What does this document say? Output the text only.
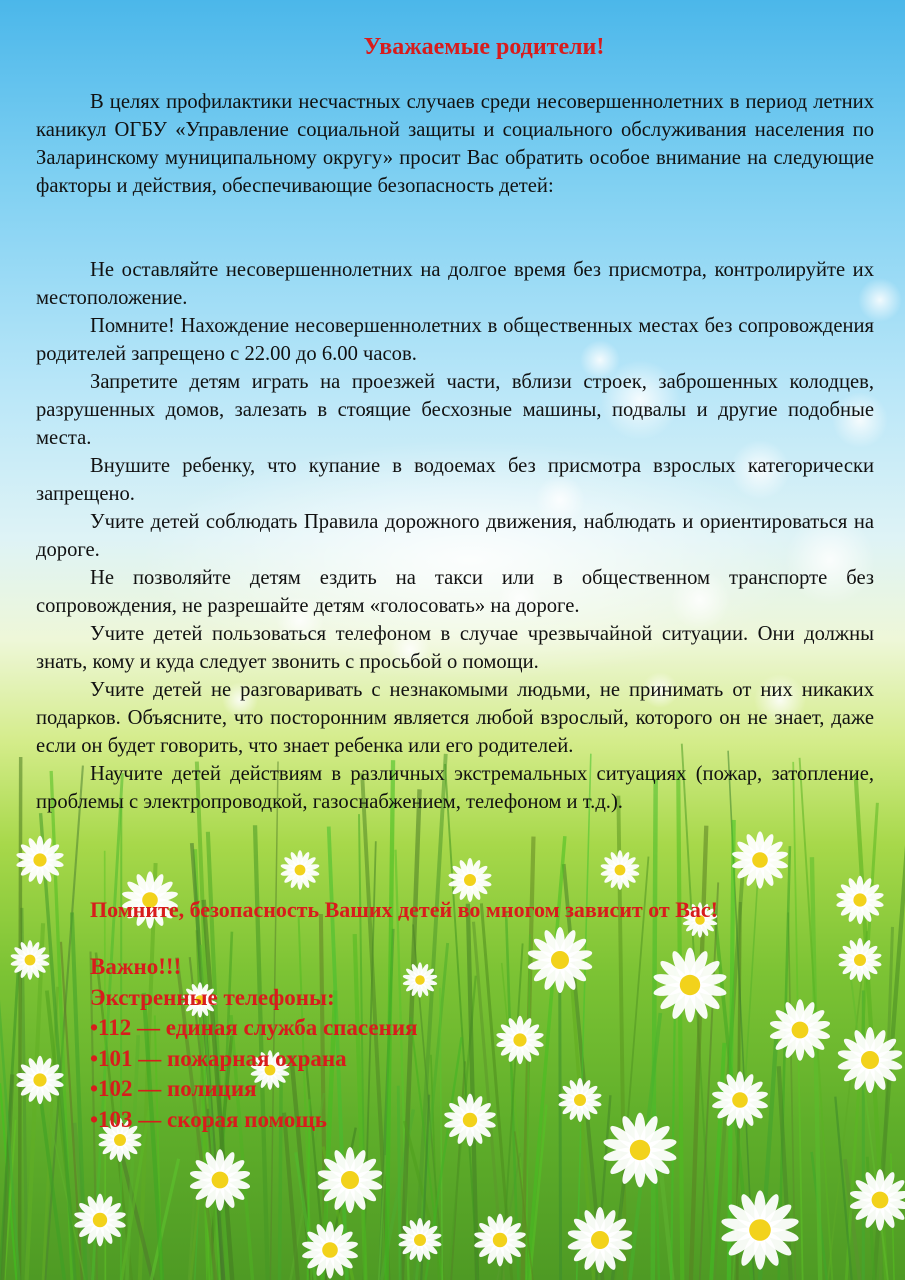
Уважаемые родители!

В целях профилактики несчастных случаев среди несовершеннолетних в период летних каникул ОГБУ «Управление социальной защиты и социального обслуживания населения по Заларинскому муниципальному округу» просит Вас обратить особое внимание на следующие факторы и действия, обеспечивающие безопасность детей:

Не оставляйте несовершеннолетних на долгое время без присмотра, контролируйте их местоположение.

Помните! Нахождение несовершеннолетних в общественных местах без сопровождения родителей запрещено с 22.00 до 6.00 часов.

Запретите детям играть на проезжей части, вблизи строек, заброшенных колодцев, разрушенных домов, залезать в стоящие бесхозные машины, подвалы и другие подобные места.

Внушите ребенку, что купание в водоемах без присмотра взрослых категорически запрещено.

Учите детей соблюдать Правила дорожного движения, наблюдать и ориентироваться на дороге.

Не позволяйте детям ездить на такси или в общественном транспорте без сопровождения, не разрешайте детям «голосовать» на дороге.

Учите детей пользоваться телефоном в случае чрезвычайной ситуации. Они должны знать, кому и куда следует звонить с просьбой о помощи.

Учите детей не разговаривать с незнакомыми людьми, не принимать от них никаких подарков. Объясните, что посторонним является любой взрослый, которого он не знает, даже если он будет говорить, что знает ребенка или его родителей.

Научите детей действиям в различных экстремальных ситуациях (пожар, затопление, проблемы с электропроводкой, газоснабжением, телефоном и т.д.).

Помните, безопасность Ваших детей во многом зависит от Вас!
Важно!!!
Экстренные телефоны:
•112 — единая служба спасения
•101 — пожарная охрана
•102 — полиция
•103 — скорая помощь
